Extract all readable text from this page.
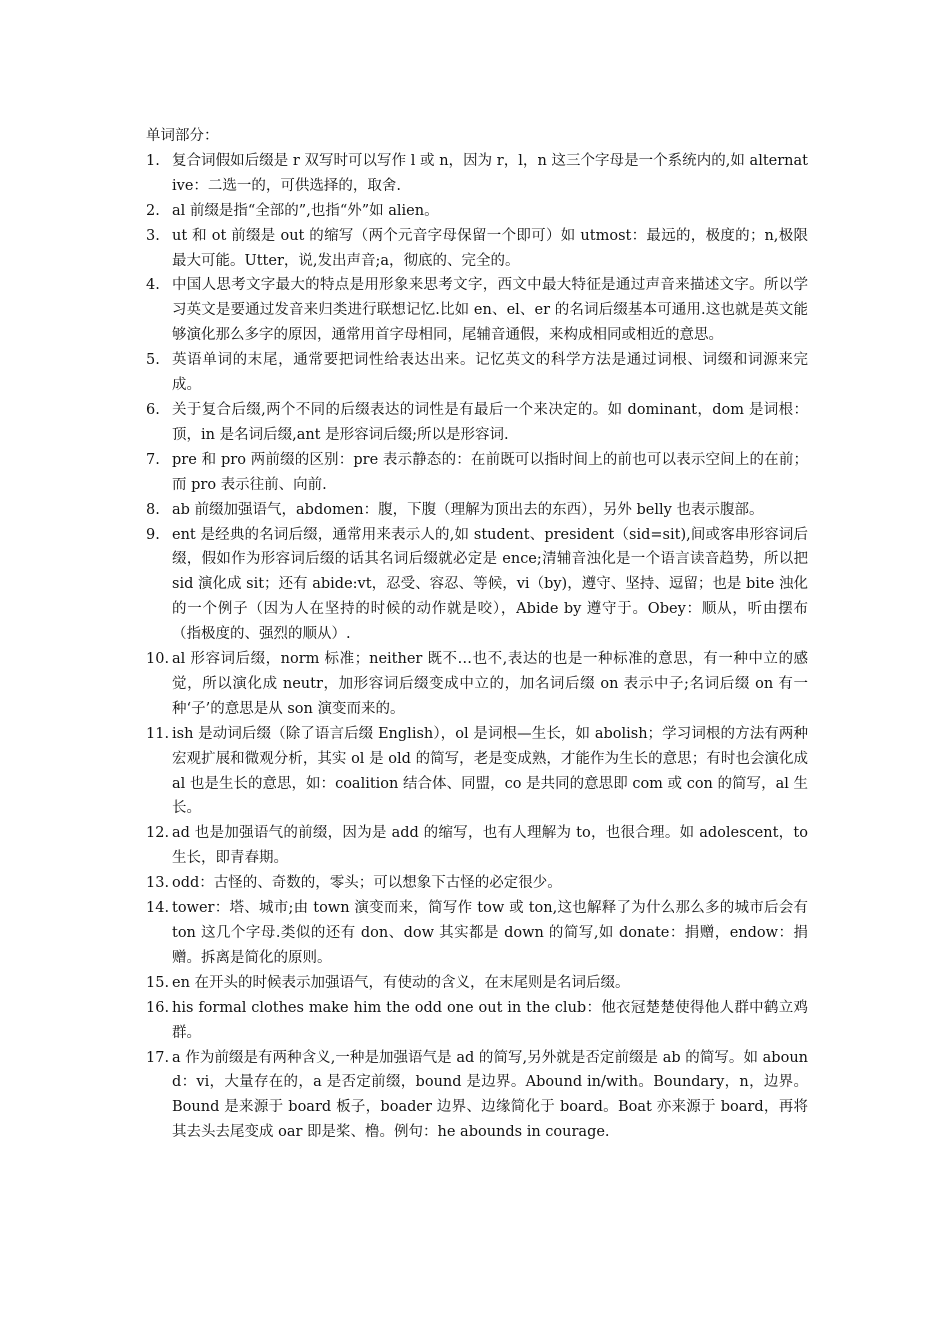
单词部分：
1. 复合词假如后缀是 r 双写时可以写作 l 或 n，因为 r，l，n 这三个字母是一个系统内的,如 alternative：二选一的，可供选择的，取舍.
2. al 前缀是指“全部的”,也指“外”如 alien。
3. ut 和 ot 前缀是 out 的缩写（两个元音字母保留一个即可）如 utmost：最远的，极度的；n,极限最大可能。Utter，说,发出声音;a，彻底的、完全的。
4. 中国人思考文字最大的特点是用形象来思考文字，西文中最大特征是通过声音来描述文字。所以学习英文是要通过发音来归类进行联想记忆.比如 en、el、er 的名词后缀基本可通用.这也就是英文能够演化那么多字的原因，通常用首字母相同，尾辅音通假，来构成相同或相近的意思。
5. 英语单词的末尾，通常要把词性给表达出来。记忆英文的科学方法是通过词根、词缀和词源来完成。
6. 关于复合后缀,两个不同的后缀表达的词性是有最后一个来决定的。如 dominant，dom 是词根：顶，in 是名词后缀,ant 是形容词后缀;所以是形容词.
7. pre 和 pro 两前缀的区别：pre 表示静态的：在前既可以指时间上的前也可以表示空间上的在前；而 pro 表示往前、向前.
8. ab 前缀加强语气，abdomen：腹，下腹（理解为顶出去的东西），另外 belly 也表示腹部。
9. ent 是经典的名词后缀，通常用来表示人的,如 student、president（sid=sit),间或客串形容词后缀，假如作为形容词后缀的话其名词后缀就必定是 ence;清辅音浊化是一个语言读音趋势，所以把 sid 演化成 sit；还有 abide:vt，忍受、容忍、等候，vi（by)，遵守、坚持、逗留；也是 bite 浊化的一个例子（因为人在坚持的时候的动作就是咬），Abide by 遵守于。Obey：顺从，听由摆布（指极度的、强烈的顺从）.
10. al 形容词后缀，norm 标准；neither 既不…也不,表达的也是一种标准的意思，有一种中立的感觉，所以演化成 neutr，加形容词后缀变成中立的，加名词后缀 on 表示中子;名词后缀 on 有一种‘子’的意思是从 son 演变而来的。
11. ish 是动词后缀（除了语言后缀 English），ol 是词根—生长，如 abolish；学习词根的方法有两种宏观扩展和微观分析，其实 ol 是 old 的简写，老是变成熟，才能作为生长的意思；有时也会演化成 al 也是生长的意思，如：coalition 结合体、同盟，co 是共同的意思即 com 或 con 的简写，al 生长。
12. ad 也是加强语气的前缀，因为是 add 的缩写，也有人理解为 to，也很合理。如 adolescent，to 生长，即青春期。
13. odd：古怪的、奇数的，零头；可以想象下古怪的必定很少。
14. tower：塔、城市;由 town 演变而来，简写作 tow 或 ton,这也解释了为什么那么多的城市后会有 ton 这几个字母.类似的还有 don、dow 其实都是 down 的简写,如 donate：捐赠，endow：捐赠。拆离是简化的原则。
15. en 在开头的时候表示加强语气，有使动的含义，在末尾则是名词后缀。
16. his formal clothes make him the odd one out in the club：他衣冠楚楚使得他人群中鹤立鸡群。
17. a 作为前缀是有两种含义,一种是加强语气是 ad 的简写,另外就是否定前缀是 ab 的简写。如 abound：vi，大量存在的，a 是否定前缀，bound 是边界。Abound in/with。Boundary，n，边界。Bound 是来源于 board 板子，boader 边界、边缘简化于 board。Boat 亦来源于 board，再将其去头去尾变成 oar 即是桨、橹。例句：he abounds in courage.
